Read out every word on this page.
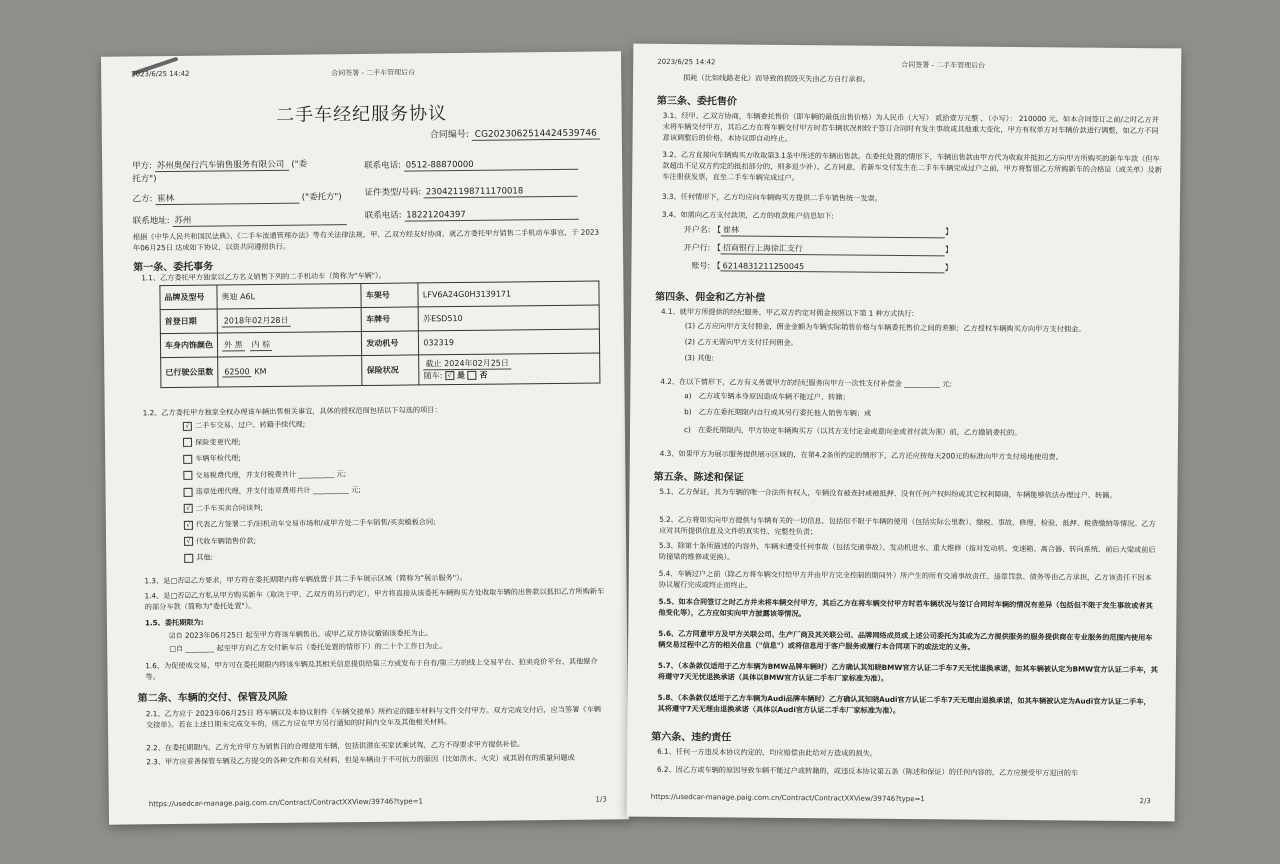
2023/6/25 14:42	合同签署 - 二手车管理后台
二手车经纪服务协议
合同编号: CG2023062514424539746
甲方: 苏州奥保行汽车销售服务有限公司 ("委托方")
联系电话: 0512-88870000
乙方: 崔林	("委托方")	证件类型/号码: 230421198711170018
联系地址: 苏州	联系电话: 18221204397
根据《中华人民共和国民法典》、《二手车流通管理办法》等有关法律法规，甲、乙双方经友好协商，就乙方委托甲方销售二手机动车事宜，于 2023年06月25日 达成如下协议，以资共同遵照执行。
第一条、委托事务
1.1、乙方委托甲方独家以乙方名义销售下列的二手机动车（简称为"车辆"）。
品牌及型号	奥迪 A6L	车架号	LFV6A24G0H3139171
首登日期	2018年02月28日	车牌号	苏ESD510
车身内饰颜色	外 黑 内 棕	发动机号	032319
已行驶公里数	62500 KM	保险状况	截止 2024年02月25日
随车: √ 是 否
1.2、乙方委托甲方独家全权办理该车辆出售相关事宜，具体的授权范围包括以下勾选的项目：
√ 二手车交易、过户、转籍手续代理;
保险变更代理;
车辆年检代理;
交易税费代理，并支付税费共计 __________ 元;
违章处理代理，并支付违章费用共计 __________ 元;
√ 二手车买卖合同谈判;
√ 代表乙方签署二手/旧机动车交易市场和/或甲方处二手车销售/买卖模板合同;
√ 代收车辆销售价款;
其他:
1.3、是□否☑乙方要求，甲方将在委托期限内将车辆放置于其二手车展示区域（简称为"展示服务"）。
1.4、是□否☑乙方私从甲方购买新车（取决于甲、乙双方的另行约定），甲方将直接从该委托车辆购买方处收取车辆的出售款以抵扣乙方所购新车的部分车款（简称为"委托处置"）。
1.5、委托期限为:
☑自 2023年06月25日 起至甲方将该车辆售出、或甲乙双方协议撤销该委托为止。
□自 ________ 起至甲方向乙方交付新车后（委托处置的情形下）的二十个工作日为止。
1.6、为促使成交易，甲方可在委托期限内将该车辆及其相关信息提供给第三方或发布于自有/第三方的线上交易平台、拍卖竞价平台、其他媒介等。
第二条、车辆的交付、保管及风险
2.1、乙方应于 2023年06月25日 将车辆以及本协议附件《车辆交接单》所约定的随车材料与文件交付甲方。双方完成交付后，应当签署《车辆交接单》。若在上述日期未完成交车的，则乙方应在甲方另行通知的时间内交车及其他相关材料。
2.2、在委托期限内，乙方允许甲方为销售目的合理使用车辆，包括供潜在买家试乘试驾，乙方不得要求甲方提供补偿。
2.3、甲方应妥善保管车辆及乙方提交的各种文件和有关材料，但是车辆由于不可抗力的原因（比如洪水、火灾）或其固有的质量问题或
https://usedcar-manage.paig.com.cn/Contract/ContractXXView/39746?type=1	1/3
2023/6/25 14:42	合同签署 - 二手车管理后台
损耗（比如线路老化）而导致的损毁灭失由乙方自行承担。
第三条、委托售价
3.1、经甲、乙双方协商，车辆委托售价（即车辆的最低出售价格）为人民币（大写） 贰拾壹万元整 ，（小写）： 210000 元。如本合同签订之前/之时乙方并未将车辆交付甲方，其后乙方在将车辆交付甲方时若车辆状况相较于签订合同时有发生事故或其他重大变化，甲方有权单方对车辆价款进行调整，如乙方不同意该调整后的价格，本协议即自动终止。
3.2、乙方直接向车辆购买方收取第3.1条中所述的车辆出售款。在委托处置的情形下，车辆出售款由甲方代为收取并抵扣乙方向甲方所购买的新车车款（但车款超出不足双方约定的抵扣部分的，则多退少补）。乙方同意，若新车交付发生在二手车车辆完成过户之前，甲方将暂留乙方所购新车的合格证（或关单）及新车注册获发票，直至二手车车辆完成过户。
3.3、任何情形下，乙方均应向车辆购买方提供二手车销售统一发票。
3.4、如需向乙方支付款项，乙方的收款账户信息如下:
开户名: 【 崔林	】
开户行: 【 招商银行上海徐汇支行	】
账号: 【 6214831211250045	】
第四条、佣金和乙方补偿
4.1、就甲方所提供的经纪服务，甲乙双方约定对佣金按照以下第 1 种方式执行:
(1) 乙方应向甲方支付佣金，佣金金额为车辆实际销售价格与车辆委托售价之间的差额；乙方授权车辆购买方向甲方支付佣金。
(2) 乙方无需向甲方支付任何佣金。
(3) 其他:
4.2、在以下情形下，乙方有义务就甲方的经纪服务向甲方一次性支付补偿金 __________ 元:
a)　乙方或车辆本身原因造成车辆不能过户、转籍；
b)　乙方在委托期限内自行或其另行委托他人销售车辆；或
c)　在委托期限内，甲方协定车辆购买方（以其方支付定金或意向金或首付款为准）前，乙方撤销委托的。
4.3、如果甲方为展示服务提供展示区域的，在第4.2条所约定的情形下，乙方还应按每天200元的标准向甲方支付场地使用费。
第五条、陈述和保证
5.1、乙方保证，其为车辆的唯一合法所有权人，车辆没有被查封或被抵押、没有任何产权纠纷或其它权利障碍，车辆能够依法办理过户、转籍。
5.2、乙方将如实向甲方提供与车辆有关的一切信息，包括但不限于车辆的使用（包括实际公里数）、缴税、事故、修理、检验、抵押、税费缴纳等情况。乙方应对其所提供信息及文件的真实性、完整性负责；
5.3、除第十条所描述的内容外，车辆未遭受任何事故（包括交通事故）、发动机进水、重大维修（指对发动机、变速箱、离合器、转向系统、前后大梁或前后防撞梁的维修或更换）。
5.4、车辆过户之前（除乙方将车辆交付给甲方并由甲方完全控制的期间外）所产生的所有交通事故责任、违章罚款、债务等由乙方承担，乙方该责任不因本协议履行完成或终止而终止。
5.5、如本合同签订之时乙方并未将车辆交付甲方，其后乙方在将车辆交付甲方时若车辆状况与签订合同时车辆的情况有差异（包括但不限于发生事故或者其他变化等），乙方应如实向甲方披露该等情况。
5.6、乙方同意甲方及甲方关联公司、生产厂商及其关联公司、品牌网络成员或上述公司委托为其或为乙方提供服务的服务提供商在专业服务的范围内使用车辆交易过程中乙方的相关信息（"信息"）或将信息用于客户服务或履行本合同项下的或法定的义务。
5.7、（本条款仅适用于乙方车辆为BMW品牌车辆时）乙方确认其知晓BMW官方认证二手车7天无忧退换承诺，如其车辆被认定为BMW官方认证二手车，其将遵守7天无忧退换承诺（具体以BMW官方认证二手车厂家标准为准）。
5.8、（本条款仅适用于乙方车辆为Audi品牌车辆时）乙方确认其知晓Audi官方认证二手车7天无理由退换承诺，如其车辆被认定为Audi官方认证二手车，其将遵守7天无理由退换承诺（具体以Audi官方认证二手车厂家标准为准）。
第六条、违约责任
6.1、任何一方违反本协议约定的，均应赔偿由此给对方造成的损失。
6.2、因乙方或车辆的原因导致车辆不能过户或转籍的，或违反本协议第五条（陈述和保证）的任何内容的，乙方应接受甲方退回的车
https://usedcar-manage.paig.com.cn/Contract/ContractXXView/39746?type=1	2/3
